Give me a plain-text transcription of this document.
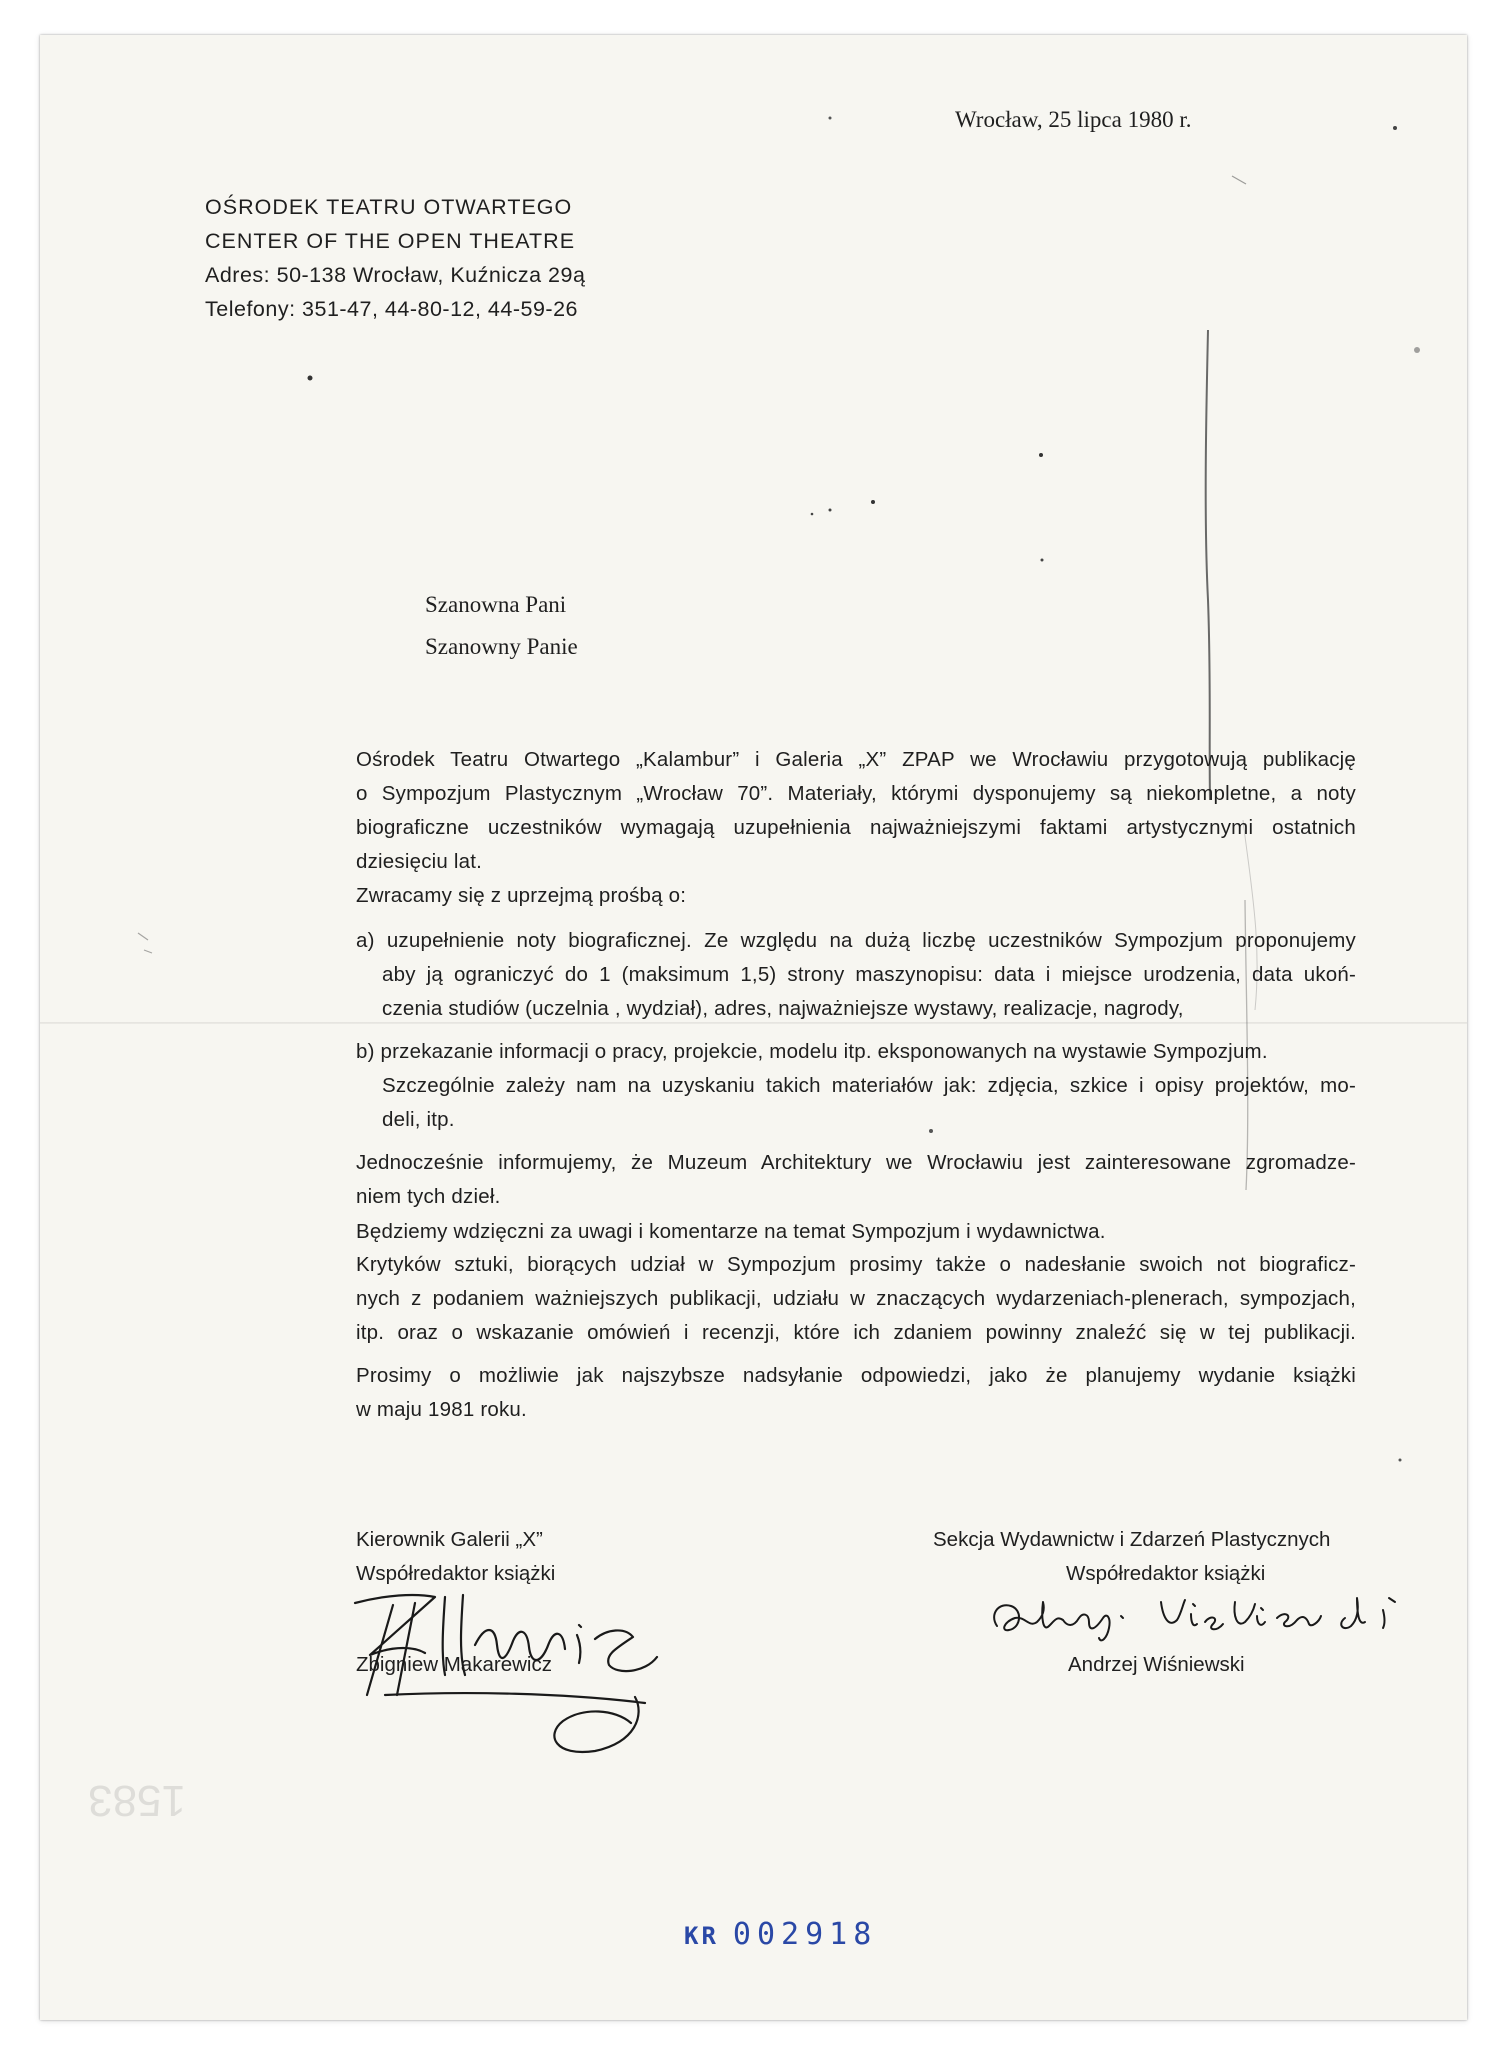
Wrocław, 25 lipca 1980 r.
OŚRODEK TEATRU OTWARTEGO
CENTER OF THE OPEN THEATRE
Adres: 50-138 Wrocław, Kuźnicza 29ą
Telefony: 351-47, 44-80-12, 44-59-26
Szanowna Pani
Szanowny Panie
Ośrodek Teatru Otwartego „Kalambur” i Galeria „X” ZPAP we Wrocławiu przygotowują publikację
o Sympozjum Plastycznym „Wrocław 70”. Materiały, którymi dysponujemy są niekompletne, a noty
biograficzne uczestników wymagają uzupełnienia najważniejszymi faktami artystycznymi ostatnich
dziesięciu lat.
Zwracamy się z uprzejmą prośbą o:
a) uzupełnienie noty biograficznej. Ze względu na dużą liczbę uczestników Sympozjum proponujemy
aby ją ograniczyć do 1 (maksimum 1,5) strony maszynopisu: data i miejsce urodzenia, data ukoń-
czenia studiów (uczelnia , wydział), adres, najważniejsze wystawy, realizacje, nagrody,
b) przekazanie informacji o pracy, projekcie, modelu itp. eksponowanych na wystawie Sympozjum.
Szczególnie zależy nam na uzyskaniu takich materiałów jak: zdjęcia, szkice i opisy projektów, mo-
deli, itp.
Jednocześnie informujemy, że Muzeum Architektury we Wrocławiu jest zainteresowane zgromadze-
niem tych dzieł.
Będziemy wdzięczni za uwagi i komentarze na temat Sympozjum i wydawnictwa.
Krytyków sztuki, biorących udział w Sympozjum prosimy także o nadesłanie swoich not biograficz-
nych z podaniem ważniejszych publikacji, udziału w znaczących wydarzeniach-plenerach, sympozjach,
itp. oraz o wskazanie omówień i recenzji, które ich zdaniem powinny znaleźć się w tej publikacji.
Prosimy o możliwie jak najszybsze nadsyłanie odpowiedzi, jako że planujemy wydanie książki
w maju 1981 roku.
Kierownik Galerii „X”
Współredaktor książki
Zbigniew Makarewicz
Sekcja Wydawnictw i Zdarzeń Plastycznych
Współredaktor książki
Andrzej Wiśniewski
1583
KR 002918
